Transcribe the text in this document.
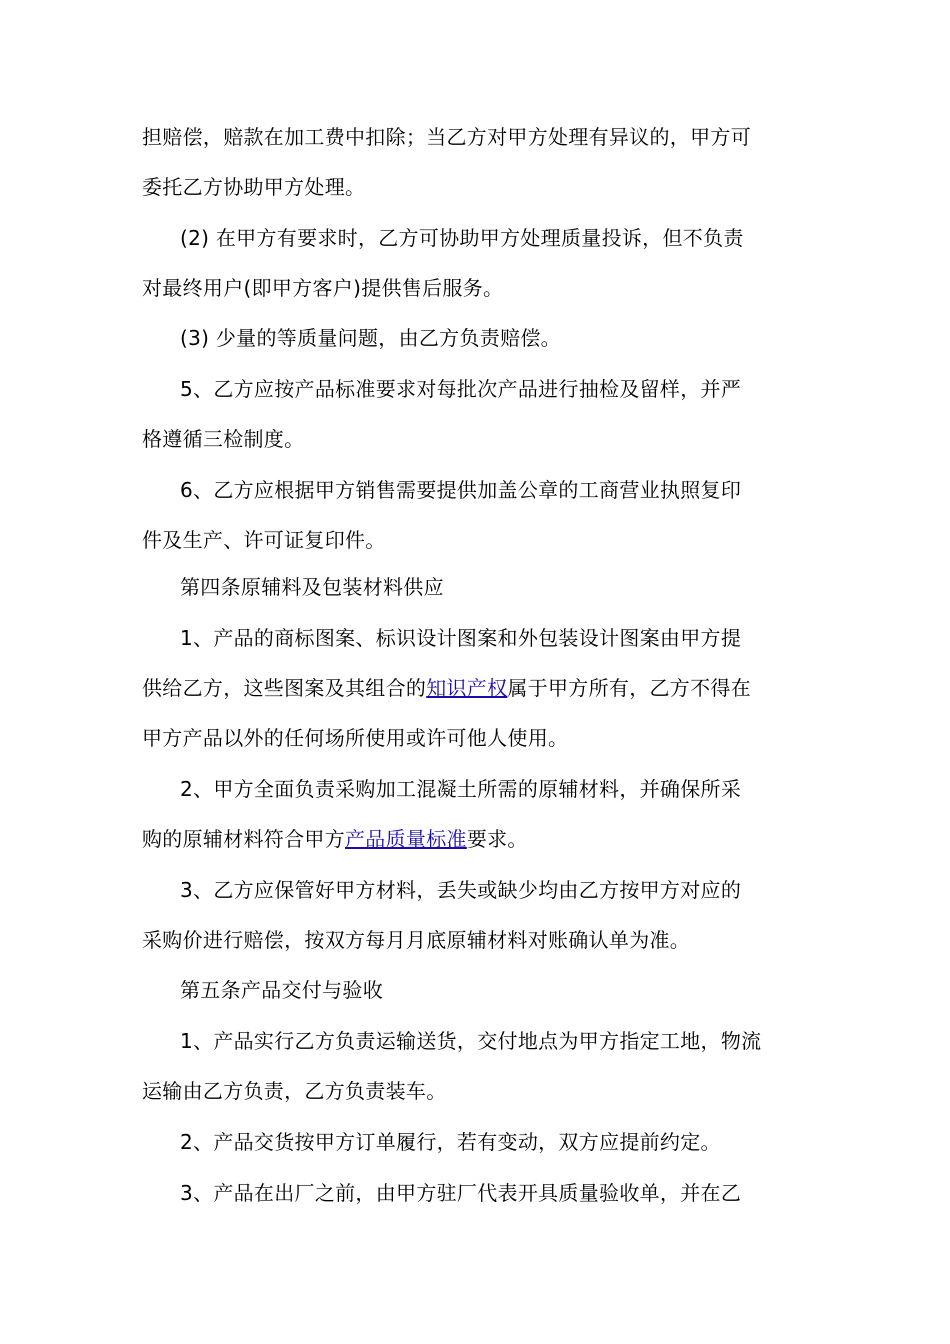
担赔偿，赔款在加工费中扣除；当乙方对甲方处理有异议的，甲方可
委托乙方协助甲方处理。
(2) 在甲方有要求时，乙方可协助甲方处理质量投诉，但不负责
对最终用户(即甲方客户)提供售后服务。
(3) 少量的等质量问题，由乙方负责赔偿。
5、乙方应按产品标准要求对每批次产品进行抽检及留样，并严
格遵循三检制度。
6、乙方应根据甲方销售需要提供加盖公章的工商营业执照复印
件及生产、许可证复印件。
第四条原辅料及包装材料供应
1、产品的商标图案、标识设计图案和外包装设计图案由甲方提
供给乙方，这些图案及其组合的知识产权属于甲方所有，乙方不得在
甲方产品以外的任何场所使用或许可他人使用。
2、甲方全面负责采购加工混凝土所需的原辅材料，并确保所采
购的原辅材料符合甲方产品质量标准要求。
3、乙方应保管好甲方材料，丢失或缺少均由乙方按甲方对应的
采购价进行赔偿，按双方每月月底原辅材料对账确认单为准。
第五条产品交付与验收
1、产品实行乙方负责运输送货，交付地点为甲方指定工地，物流
运输由乙方负责，乙方负责装车。
2、产品交货按甲方订单履行，若有变动，双方应提前约定。
3、产品在出厂之前，由甲方驻厂代表开具质量验收单，并在乙
